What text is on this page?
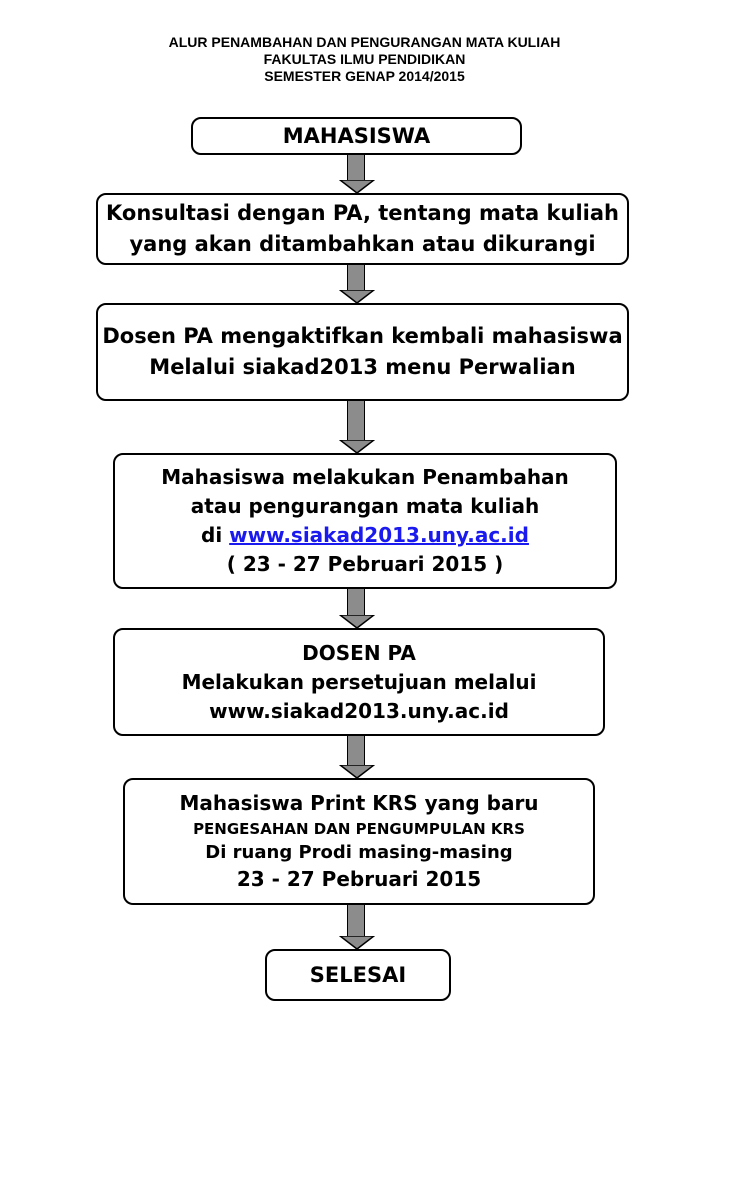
ALUR PENAMBAHAN DAN PENGURANGAN MATA KULIAH
FAKULTAS ILMU PENDIDIKAN
SEMESTER GENAP 2014/2015
MAHASISWA
Konsultasi dengan PA, tentang mata kuliah
yang akan ditambahkan atau dikurangi
Dosen PA mengaktifkan kembali mahasiswa
Melalui siakad2013 menu Perwalian
Mahasiswa melakukan Penambahan
atau pengurangan mata kuliah
di www.siakad2013.uny.ac.id
( 23 - 27 Pebruari 2015 )
DOSEN PA
Melakukan persetujuan melalui
www.siakad2013.uny.ac.id
Mahasiswa Print KRS yang baru
PENGESAHAN DAN PENGUMPULAN KRS
Di ruang Prodi masing-masing
23 - 27 Pebruari 2015
SELESAI
